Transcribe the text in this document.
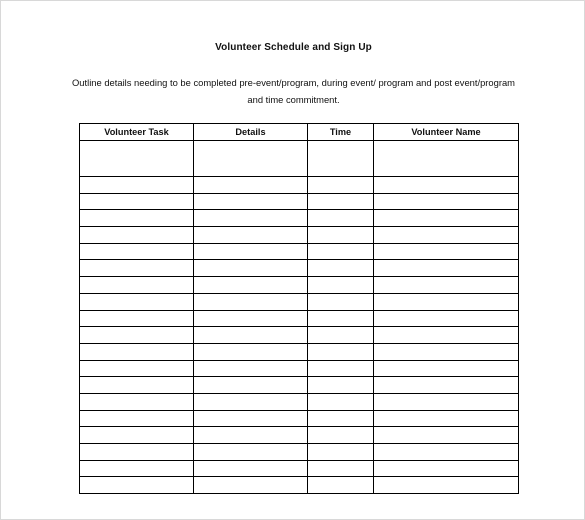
Volunteer Schedule and Sign Up
Outline details needing to be completed pre-event/program, during event/ program and post event/program
and time commitment.
Volunteer Task	Details	Time	Volunteer Name
